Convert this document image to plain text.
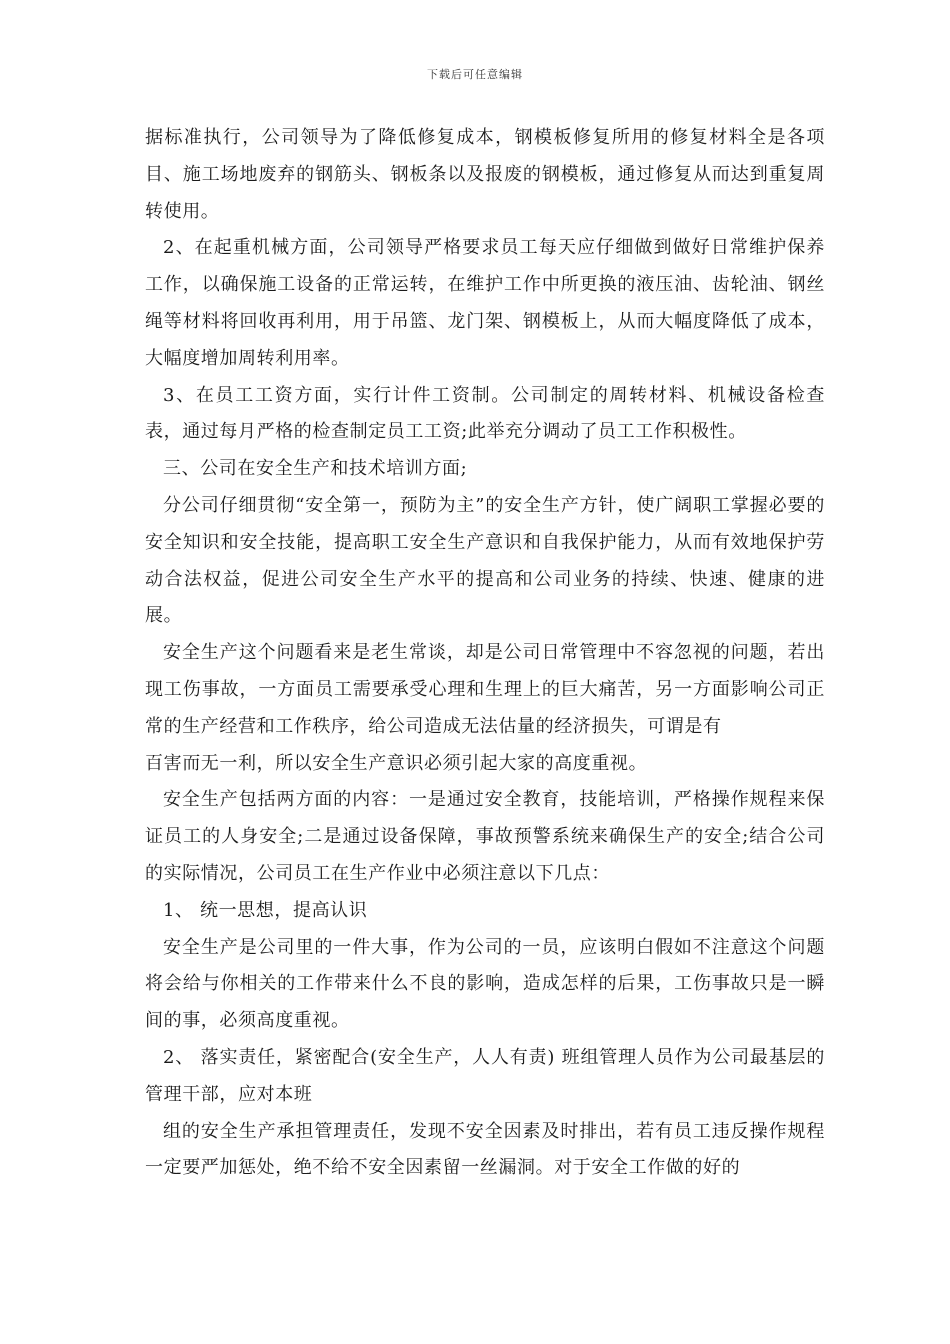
下载后可任意编辑

据标准执行，公司领导为了降低修复成本，钢模板修复所用的修复材料全是各项目、施工场地废弃的钢筋头、钢板条以及报废的钢模板，通过修复从而达到重复周转使用。

2、在起重机械方面，公司领导严格要求员工每天应仔细做到做好日常维护保养工作，以确保施工设备的正常运转，在维护工作中所更换的液压油、齿轮油、钢丝绳等材料将回收再利用，用于吊篮、龙门架、钢模板上，从而大幅度降低了成本，大幅度增加周转利用率。

3、在员工工资方面，实行计件工资制。公司制定的周转材料、机械设备检查表，通过每月严格的检查制定员工工资;此举充分调动了员工工作积极性。

三、公司在安全生产和技术培训方面;

分公司仔细贯彻“安全第一，预防为主”的安全生产方针，使广阔职工掌握必要的安全知识和安全技能，提高职工安全生产意识和自我保护能力，从而有效地保护劳动合法权益，促进公司安全生产水平的提高和公司业务的持续、快速、健康的进展。

安全生产这个问题看来是老生常谈，却是公司日常管理中不容忽视的问题，若出现工伤事故，一方面员工需要承受心理和生理上的巨大痛苦，另一方面影响公司正常的生产经营和工作秩序，给公司造成无法估量的经济损失，可谓是有

百害而无一利，所以安全生产意识必须引起大家的高度重视。

安全生产包括两方面的内容：一是通过安全教育，技能培训，严格操作规程来保证员工的人身安全;二是通过设备保障，事故预警系统来确保生产的安全;结合公司的实际情况，公司员工在生产作业中必须注意以下几点：

1、 统一思想，提高认识

安全生产是公司里的一件大事，作为公司的一员，应该明白假如不注意这个问题将会给与你相关的工作带来什么不良的影响，造成怎样的后果，工伤事故只是一瞬间的事，必须高度重视。

2、 落实责任，紧密配合(安全生产，人人有责) 班组管理人员作为公司最基层的管理干部，应对本班

组的安全生产承担管理责任，发现不安全因素及时排出，若有员工违反操作规程一定要严加惩处，绝不给不安全因素留一丝漏洞。对于安全工作做的好的
